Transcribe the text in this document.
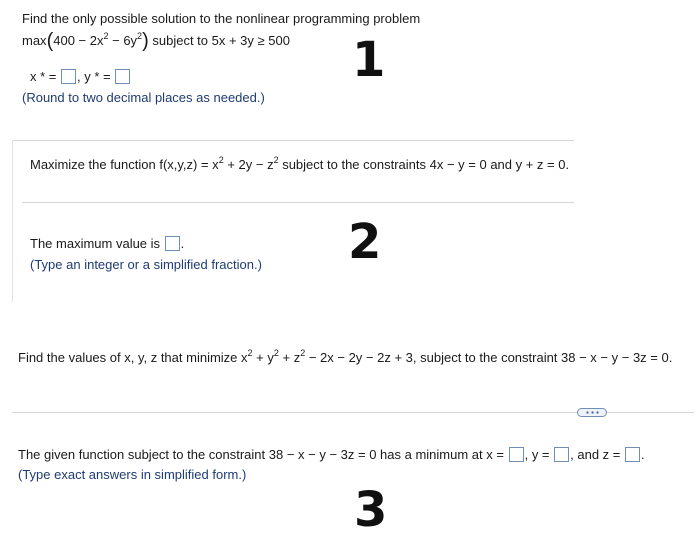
Find the only possible solution to the nonlinear programming problem
$\max(400 - 2x^2 - 6y^2)$ subject to 5x + 3y ≥ 500 1
x * = , y * =
(Round to two decimal places as needed.)
Maximize the function $f(x,y,z) = x^2 + 2y - z^2$ subject to the constraints 4x − y = 0 and y + z = 0.
2
The maximum value is .
(Type an integer or a simplified fraction.)
Find the values of x, y, z that minimize $x^2 + y^2 + z^2 - 2x - 2y - 2z + 3$, subject to the constraint 38 − x − y − 3z = 0.
The given function subject to the constraint 38 − x − y − 3z = 0 has a minimum at x = , y = , and z = .
(Type exact answers in simplified form.)
3
